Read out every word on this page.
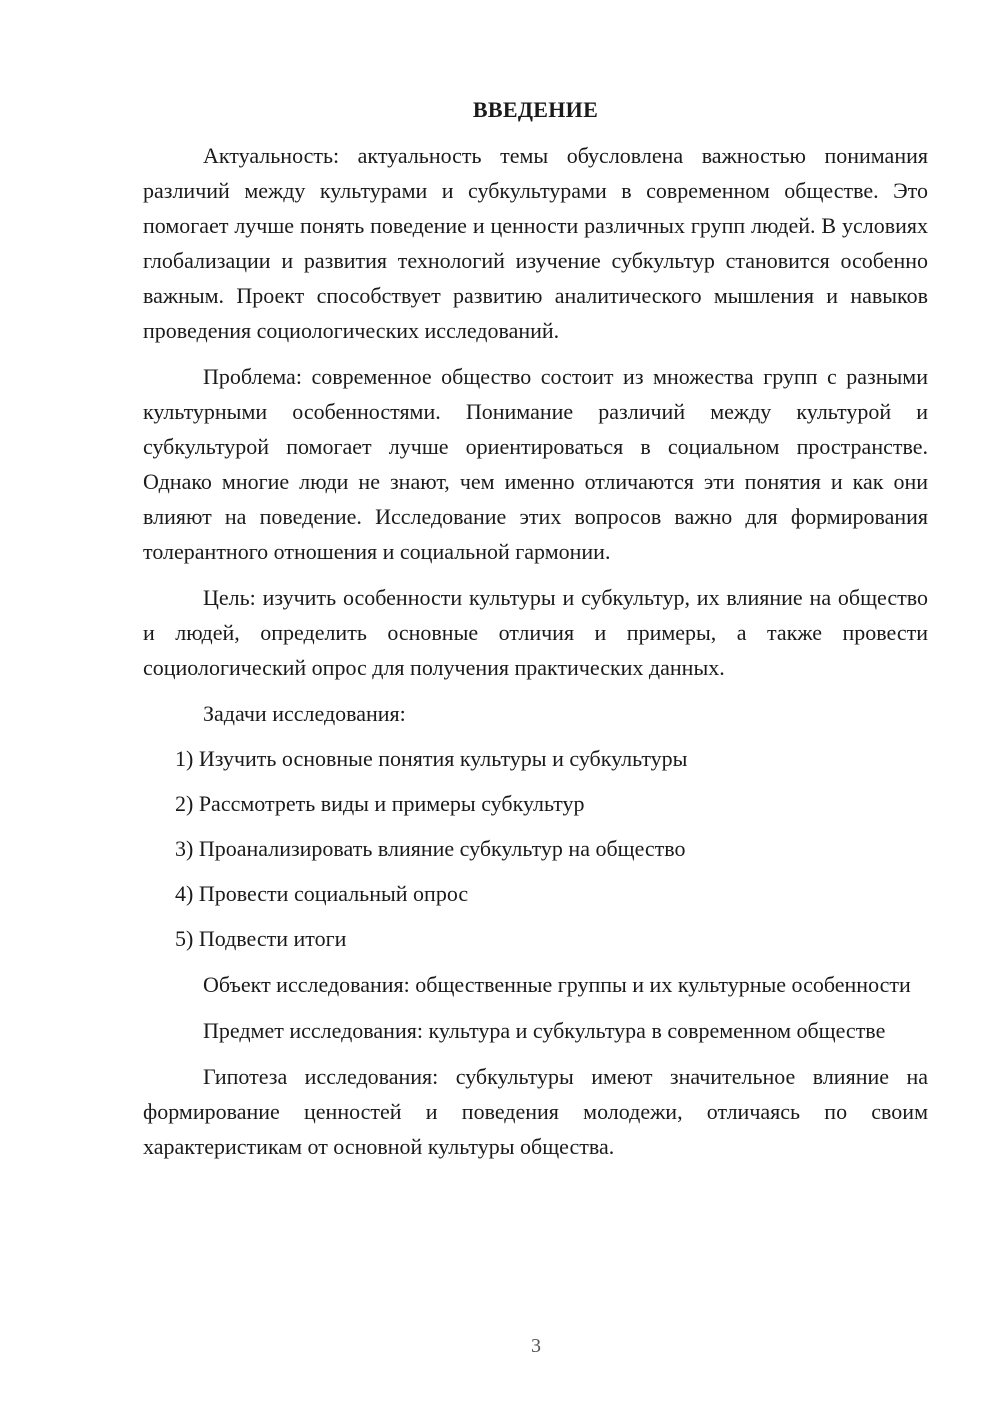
ВВЕДЕНИЕ

Актуальность: актуальность темы обусловлена важностью понимания различий между культурами и субкультурами в современном обществе. Это помогает лучше понять поведение и ценности различных групп людей. В условиях глобализации и развития технологий изучение субкультур становится особенно важным. Проект способствует развитию аналитического мышления и навыков проведения социологических исследований.

Проблема: современное общество состоит из множества групп с разными культурными особенностями. Понимание различий между культурой и субкультурой помогает лучше ориентироваться в социальном пространстве. Однако многие люди не знают, чем именно отличаются эти понятия и как они влияют на поведение. Исследование этих вопросов важно для формирования толерантного отношения и социальной гармонии.

Цель: изучить особенности культуры и субкультур, их влияние на общество и людей, определить основные отличия и примеры, а также провести социологический опрос для получения практических данных.

Задачи исследования:

1) Изучить основные понятия культуры и субкультуры
2) Рассмотреть виды и примеры субкультур
3) Проанализировать влияние субкультур на общество
4) Провести социальный опрос
5) Подвести итоги

Объект исследования: общественные группы и их культурные особенности

Предмет исследования: культура и субкультура в современном обществе

Гипотеза исследования: субкультуры имеют значительное влияние на формирование ценностей и поведения молодежи, отличаясь по своим характеристикам от основной культуры общества.

3
